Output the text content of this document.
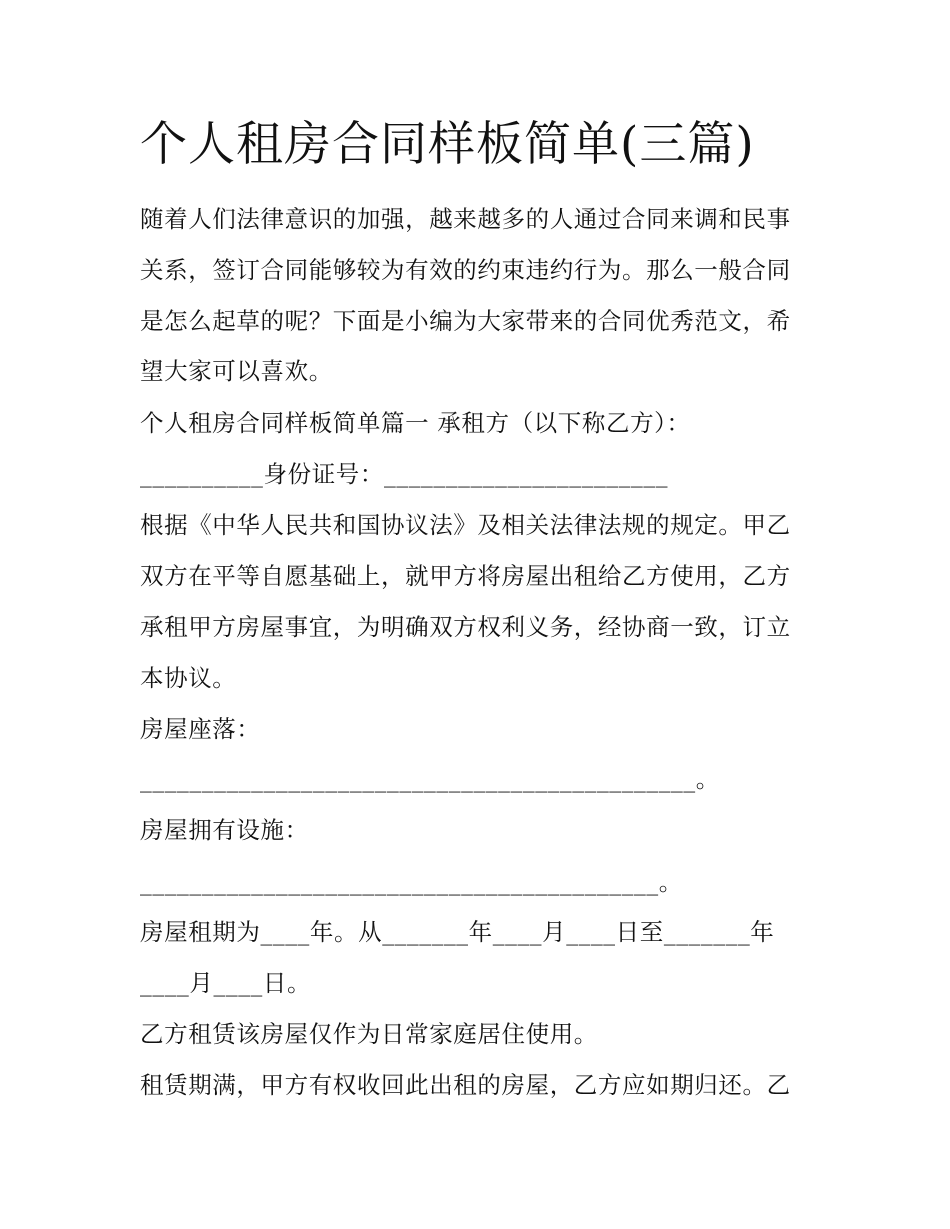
个人租房合同样板简单(三篇)

随着人们法律意识的加强，越来越多的人通过合同来调和民事

关系，签订合同能够较为有效的约束违约行为。那么一般合同

是怎么起草的呢？下面是小编为大家带来的合同优秀范文，希

望大家可以喜欢。

个人租房合同样板简单篇一 承租方（以下称乙方）：

__________身份证号：_______________________

根据《中华人民共和国协议法》及相关法律法规的规定。甲乙

双方在平等自愿基础上，就甲方将房屋出租给乙方使用，乙方

承租甲方房屋事宜，为明确双方权利义务，经协商一致，订立

本协议。

房屋座落：

_____________________________________________。

房屋拥有设施：

__________________________________________。

房屋租期为____年。从_______年____月____日至_______年

____月____日。

乙方租赁该房屋仅作为日常家庭居住使用。

租赁期满，甲方有权收回此出租的房屋，乙方应如期归还。乙
